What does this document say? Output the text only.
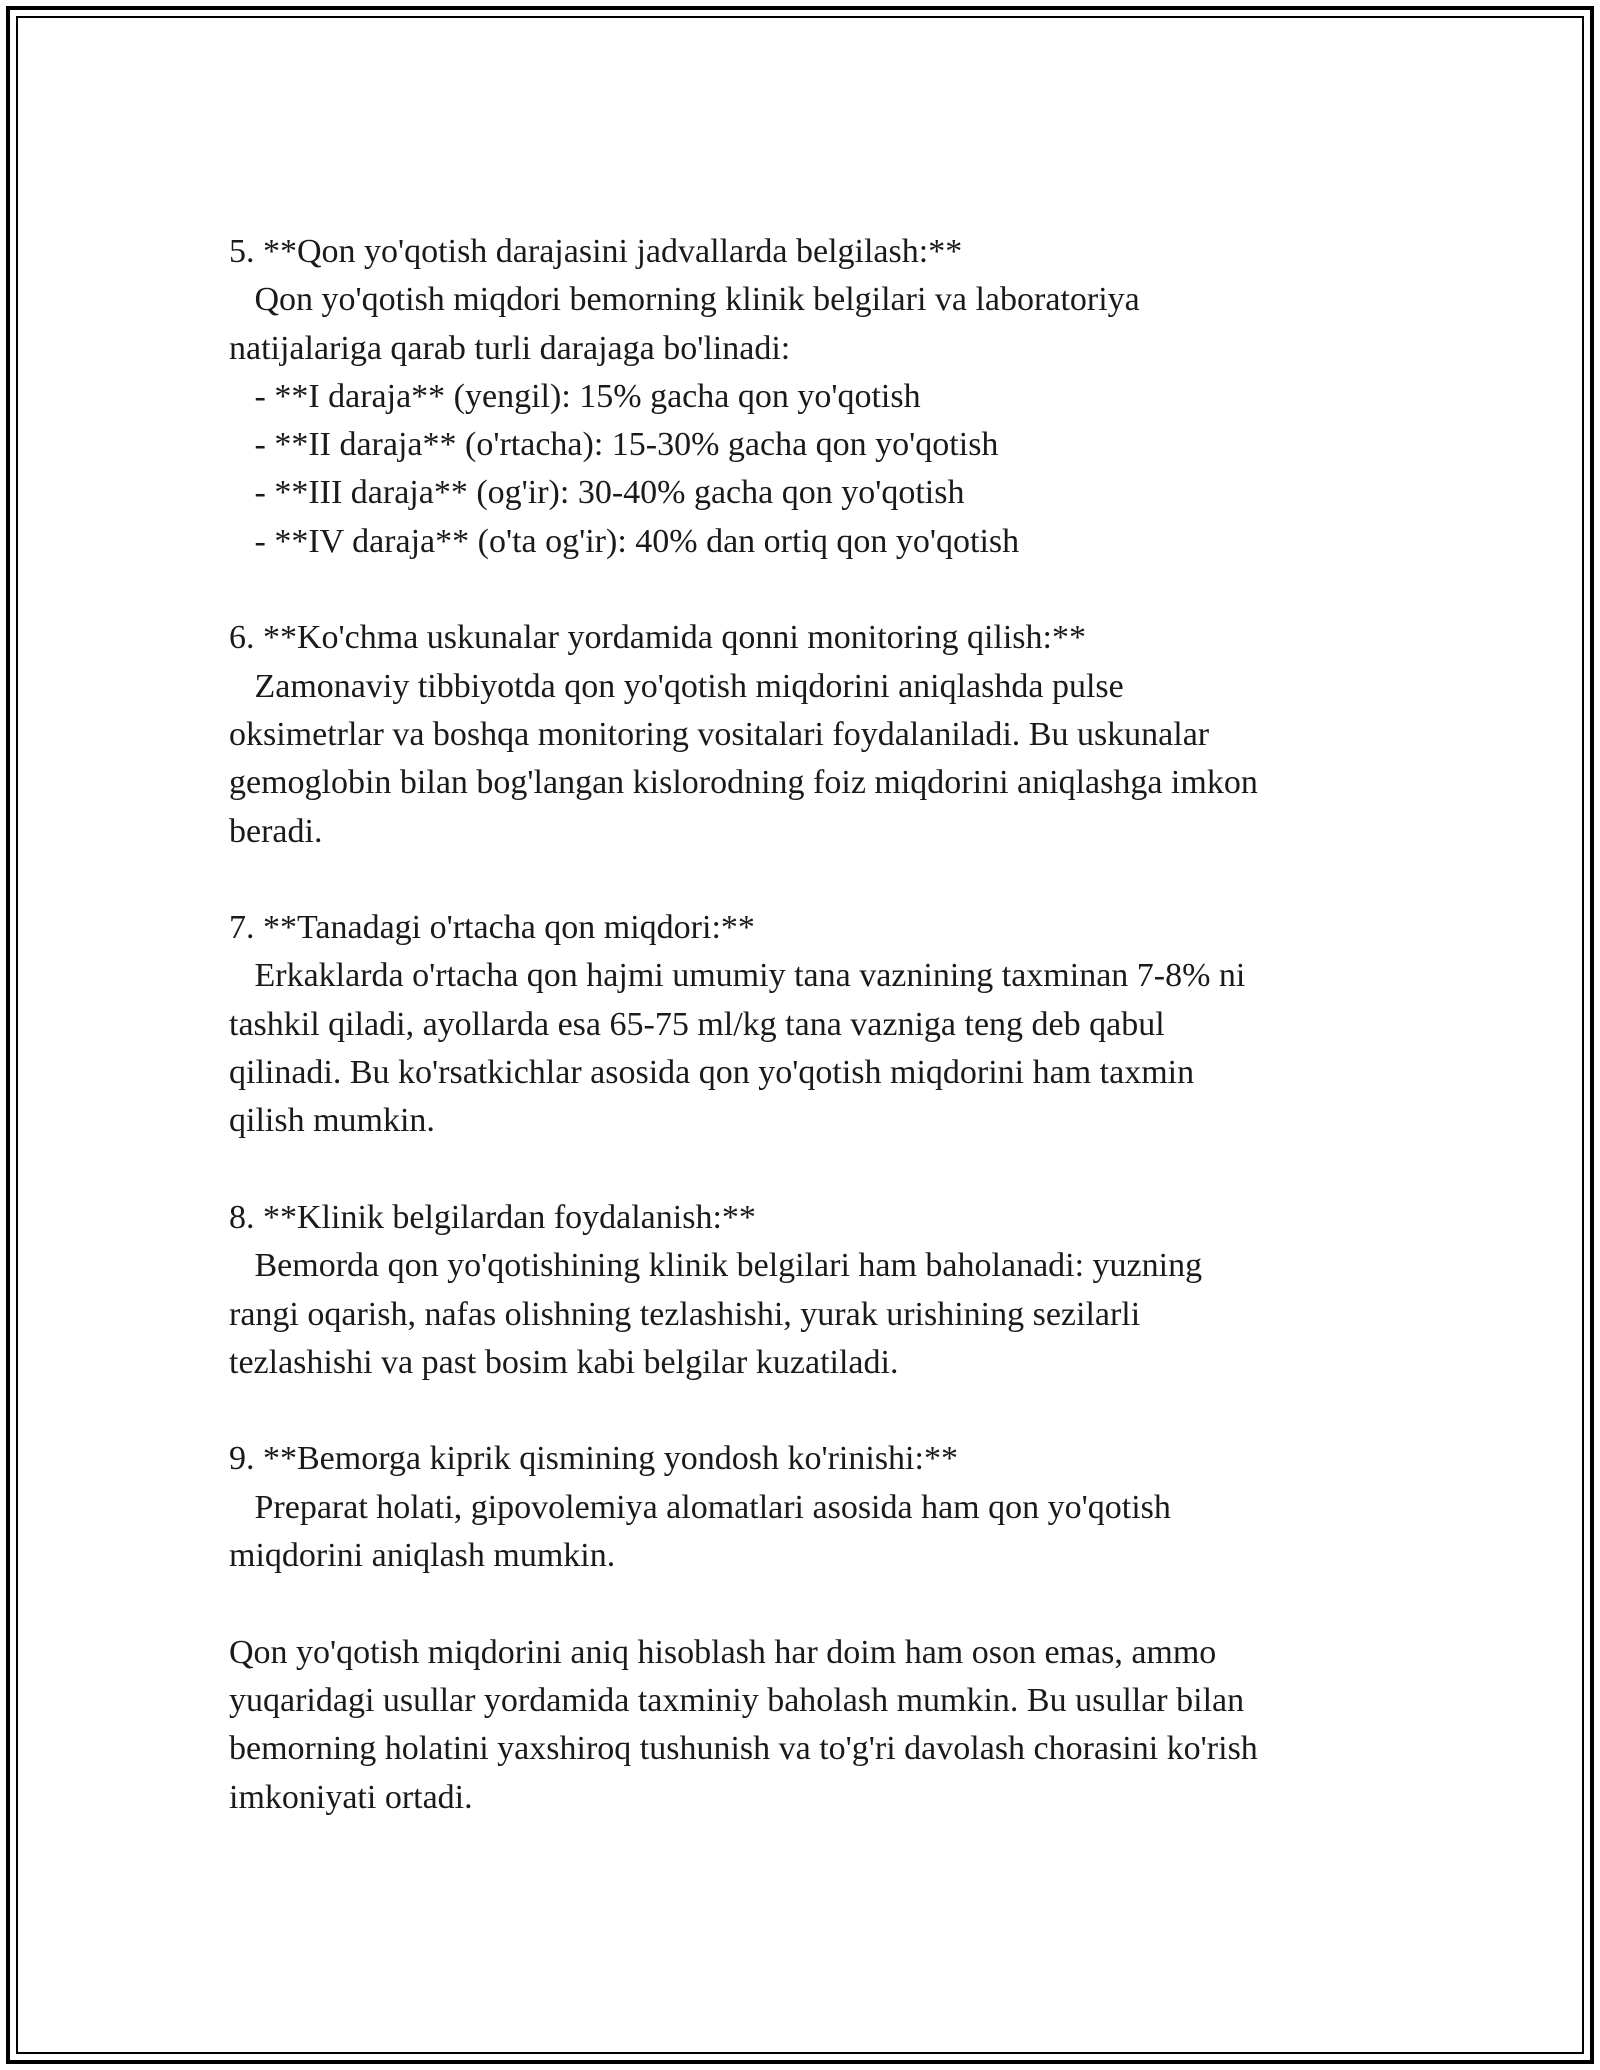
5. **Qon yo'qotish darajasini jadvallarda belgilash:**
Qon yo'qotish miqdori bemorning klinik belgilari va laboratoriya
natijalariga qarab turli darajaga bo'linadi:
- **I daraja** (yengil): 15% gacha qon yo'qotish
- **II daraja** (o'rtacha): 15-30% gacha qon yo'qotish
- **III daraja** (og'ir): 30-40% gacha qon yo'qotish
- **IV daraja** (o'ta og'ir): 40% dan ortiq qon yo'qotish
6. **Ko'chma uskunalar yordamida qonni monitoring qilish:**
Zamonaviy tibbiyotda qon yo'qotish miqdorini aniqlashda pulse
oksimetrlar va boshqa monitoring vositalari foydalaniladi. Bu uskunalar
gemoglobin bilan bog'langan kislorodning foiz miqdorini aniqlashga imkon
beradi.
7. **Tanadagi o'rtacha qon miqdori:**
Erkaklarda o'rtacha qon hajmi umumiy tana vaznining taxminan 7-8% ni
tashkil qiladi, ayollarda esa 65-75 ml/kg tana vazniga teng deb qabul
qilinadi. Bu ko'rsatkichlar asosida qon yo'qotish miqdorini ham taxmin
qilish mumkin.
8. **Klinik belgilardan foydalanish:**
Bemorda qon yo'qotishining klinik belgilari ham baholanadi: yuzning
rangi oqarish, nafas olishning tezlashishi, yurak urishining sezilarli
tezlashishi va past bosim kabi belgilar kuzatiladi.
9. **Bemorga kiprik qismining yondosh ko'rinishi:**
Preparat holati, gipovolemiya alomatlari asosida ham qon yo'qotish
miqdorini aniqlash mumkin.
Qon yo'qotish miqdorini aniq hisoblash har doim ham oson emas, ammo
yuqaridagi usullar yordamida taxminiy baholash mumkin. Bu usullar bilan
bemorning holatini yaxshiroq tushunish va to'g'ri davolash chorasini ko'rish
imkoniyati ortadi.
